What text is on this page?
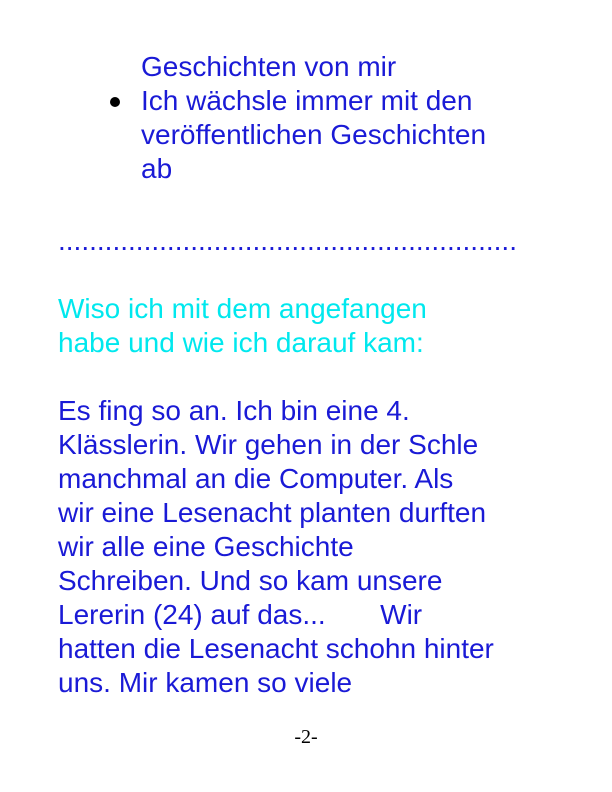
Geschichten von mir

Ich wächsle immer mit den
veröffentlichen Geschichten
ab
...........................................................
Wiso ich mit dem angefangen
habe und wie ich darauf kam:
Es fing so an. Ich bin eine 4.
Klässlerin. Wir gehen in der Schle
manchmal an die Computer. Als
wir eine Lesenacht planten durften
wir alle eine Geschichte
Schreiben. Und so kam unsere
Lererin (24) auf das...       Wir
hatten die Lesenacht schohn hinter
uns. Mir kamen so viele
-2-
